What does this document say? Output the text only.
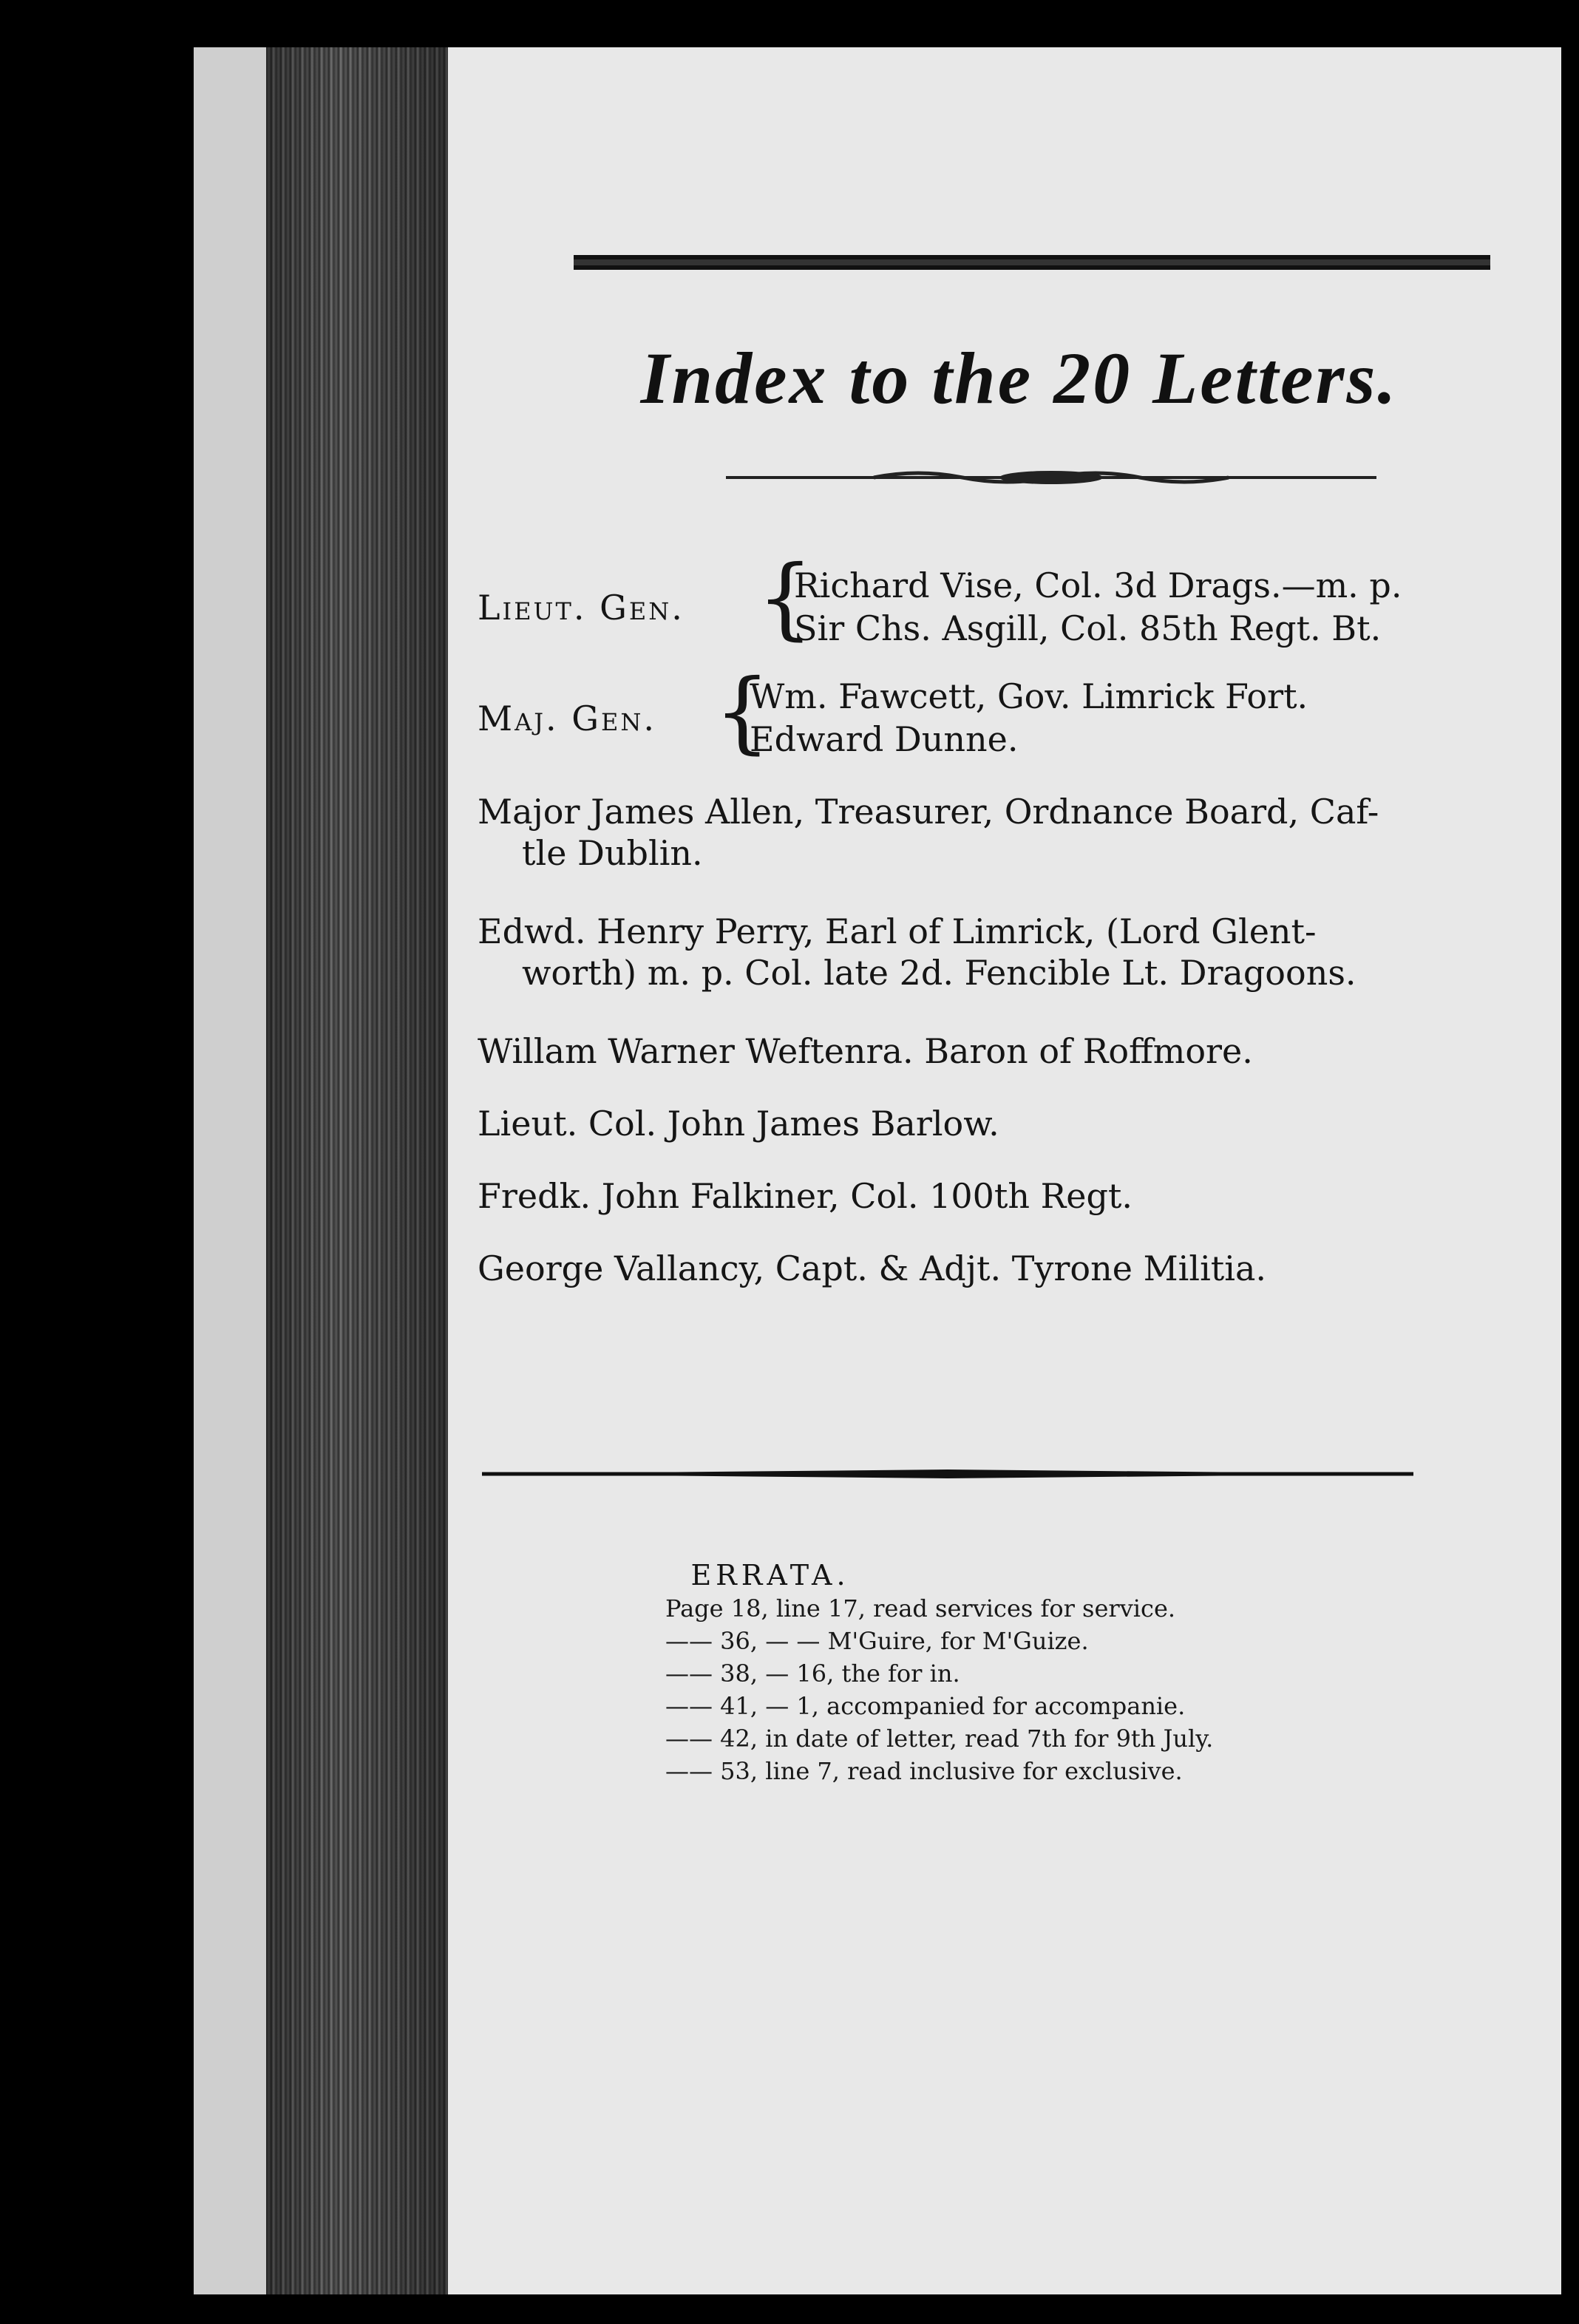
Index to the 20 Letters.
Lieut. Gen. {
Richard Vise, Col. 3d Drags.—m. p.
Sir Chs. Asgill, Col. 85th Regt. Bt.
Maj. Gen. {
Wm. Fawcett, Gov. Limrick Fort.
Edward Dunne.
Major James Allen, Treasurer, Ordnance Board, Caf-
tle Dublin.
Edwd. Henry Perry, Earl of Limrick, (Lord Glent-
worth) m. p. Col. late 2d. Fencible Lt. Dragoons.
Willam Warner Weftenra. Baron of Roffmore.
Lieut. Col. John James Barlow.
Fredk. John Falkiner, Col. 100th Regt.
George Vallancy, Capt. & Adjt. Tyrone Militia.
ERRATA.
Page 18, line 17, read services for service.
—— 36, — — M'Guire, for M'Guize.
—— 38, — 16, the for in.
—— 41, — 1, accompanied for accompanie.
—— 42, in date of letter, read 7th for 9th July.
—— 53, line 7, read inclusive for exclusive.
